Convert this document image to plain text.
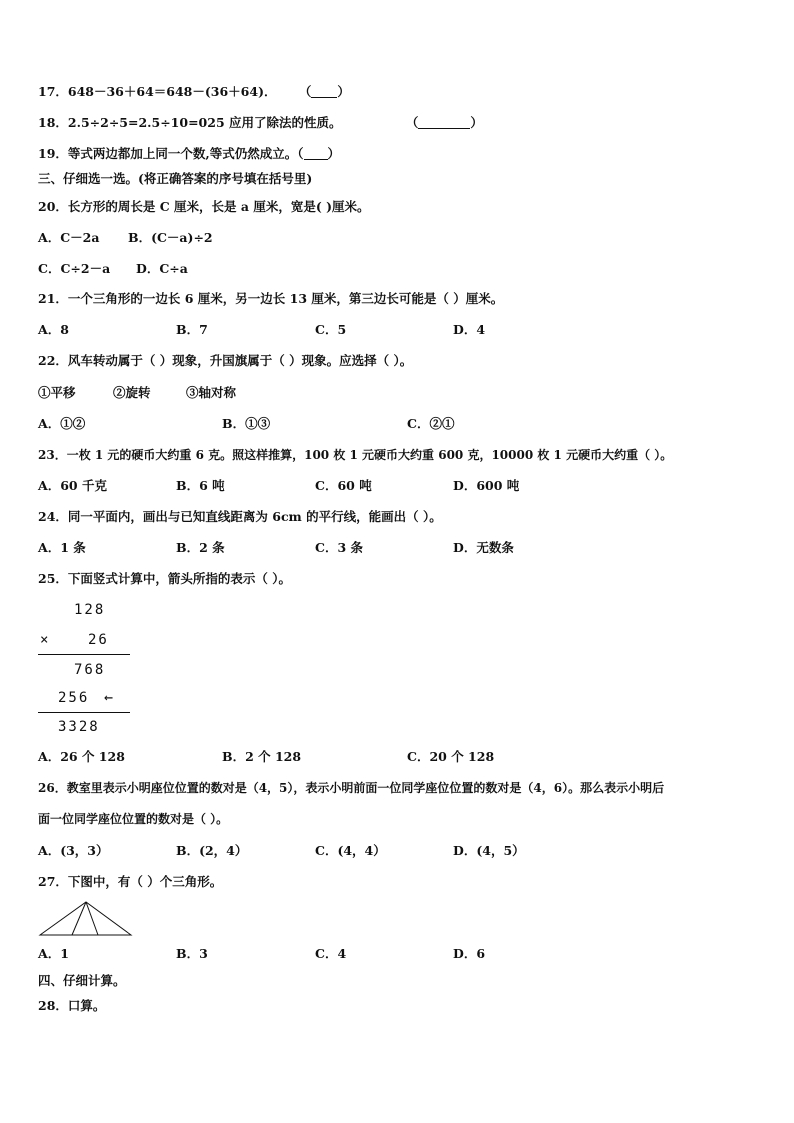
17．648－36＋64＝648－(36＋64)． （ ）
18．2.5÷2÷5=2.5÷10=025 应用了除法的性质。	（	）
19．等式两边都加上同一个数,等式仍然成立。（ ）
三、仔细选一选。(将正确答案的序号填在括号里)
20．长方形的周长是 C 厘米，长是 a 厘米，宽是( )厘米。
A．C－2a B．(C－a)÷2
C．C÷2－a D．C÷a
21．一个三角形的一边长 6 厘米，另一边长 13 厘米，第三边长可能是（ ）厘米。
A．8	B．7	C．5	D．4
22．风车转动属于（ ）现象，升国旗属于（ ）现象。应选择（ ）。
①平移	②旋转	③轴对称
A．①②	B．①③	C．②①
23．一枚 1 元的硬币大约重 6 克。照这样推算，100 枚 1 元硬币大约重 600 克，10000 枚 1 元硬币大约重（ ）。
A．60 千克	B．6 吨	C．60 吨	D．600 吨
24．同一平面内，画出与已知直线距离为 6cm 的平行线，能画出（ ）。
A．1 条	B．2 条	C．3 条	D．无数条
25．下面竖式计算中，箭头所指的表示（ ）。
128
×	26
768
256 ←
3328
A．26 个 128	B．2 个 128	C．20 个 128
26．教室里表示小明座位位置的数对是（4，5），表示小明前面一位同学座位位置的数对是（4，6）。那么表示小明后
面一位同学座位位置的数对是（ ）。
A．(3，3）	B．(2，4）	C．(4，4）	D．(4，5）
27．下图中，有（ ）个三角形。
A．1	B．3	C．4	D．6
四、仔细计算。
28．口算。
